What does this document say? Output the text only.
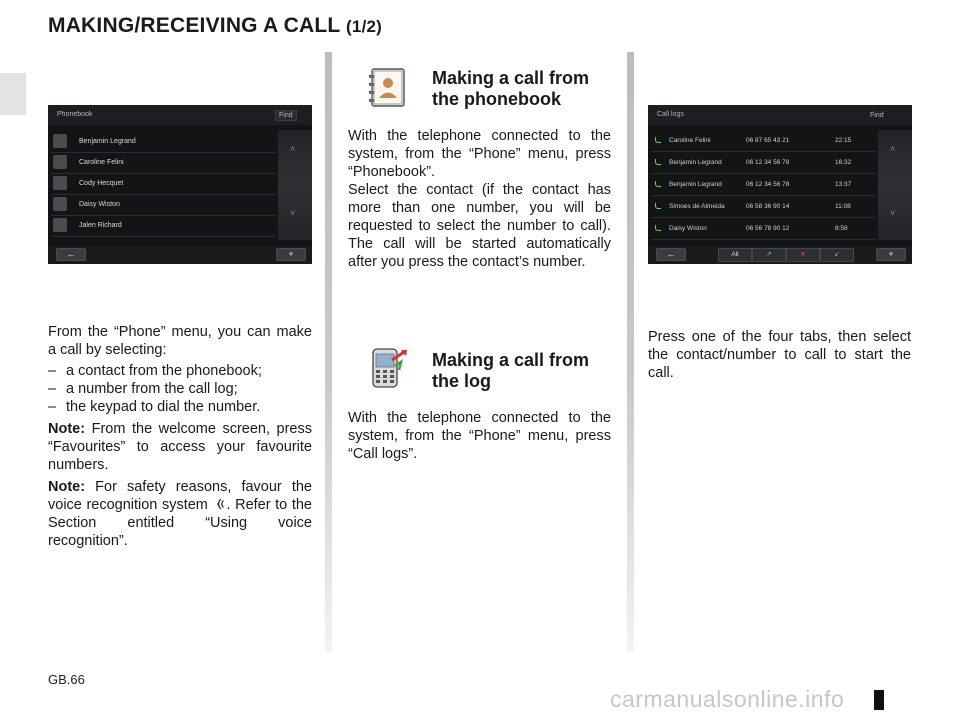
MAKING/RECEIVING A CALL (1/2)
Phonebook	Find
Benjamin Legrand
Caroline Felini
Cody Hecquet
Daisy Wiston
Jalen Richard
˄
˅
←	+

From the “Phone” menu, you can make a call by selecting:

– a contact from the phonebook;
– a number from the call log;
– the keypad to dial the number.

Note: From the welcome screen, press “Favourites” to access your favourite numbers.

Note: For safety reasons, favour the voice recognition system . Refer to the Section entitled “Using voice recognition”.

Making a call from
the phonebook

With the telephone connected to the system, from the “Phone” menu, press “Phonebook”.

Select the contact (if the contact has more than one number, you will be requested to select the number to call). The call will be started automatically after you press the contact’s number.

Making a call from
the log

With the telephone connected to the system, from the “Phone” menu, press “Call logs”.

Call logs	Find
Caroline Felini	06 87 65 43 21	22:15
Benjamin Legrand	06 12 34 56 78	16:32
Benjamin Legrand	06 12 34 56 78	13:37
Simoes de Almeida	06 58 36 90 14	11:08
Daisy Wiston	06 56 78 90 12	8:58
˄
˅
←	All	↗	✕	↙	+

Press one of the four tabs, then select the contact/number to call to start the call.

GB.66
carmanualsonline.info
